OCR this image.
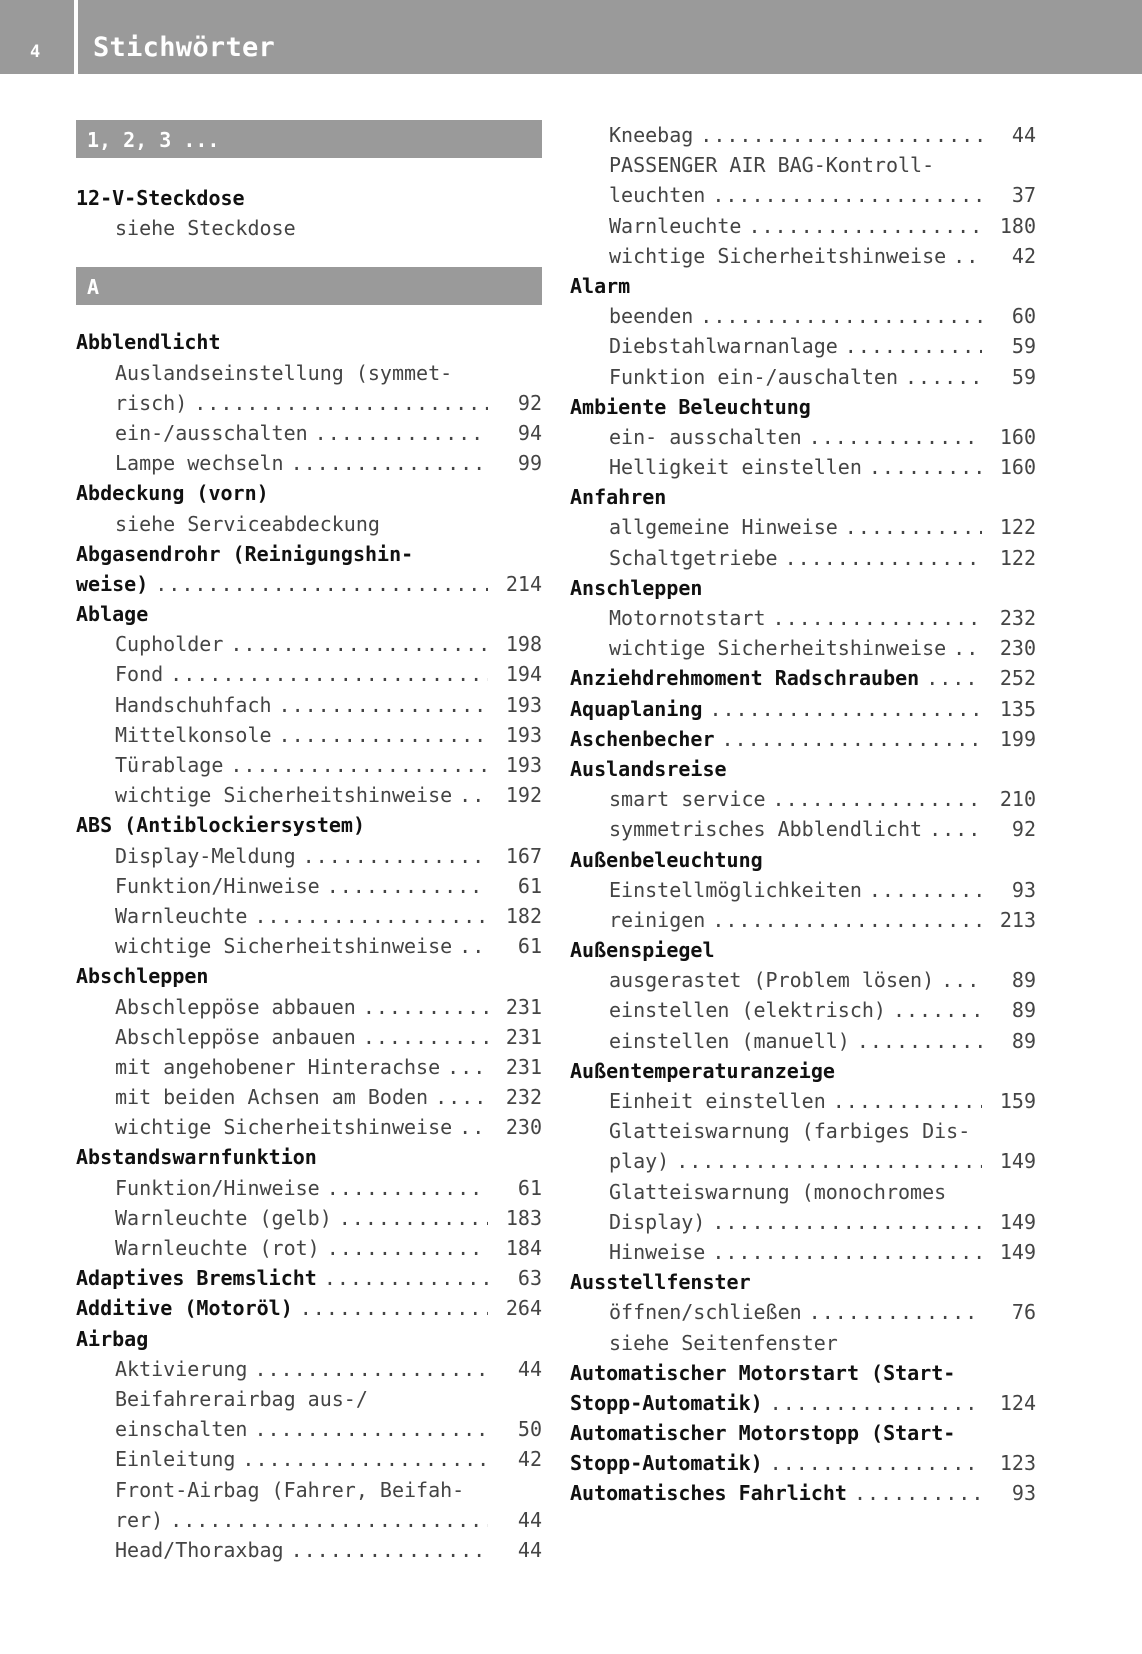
4 Stichwörter
1, 2, 3 ...
12-V-Steckdose
siehe Steckdose
A
Abblendlicht
Auslandseinstellung (symmet-
risch) .....	92
ein-/ausschalten .....	94
Lampe wechseln .....	99
Abdeckung (vorn)
siehe Serviceabdeckung
Abgasendrohr (Reinigungshin-
weise) .....	214
Ablage
Cupholder .....	198
Fond .....	194
Handschuhfach .....	193
Mittelkonsole .....	193
Türablage .....	193
wichtige Sicherheitshinweise .....	192
ABS (Antiblockiersystem)
Display-Meldung .....	167
Funktion/Hinweise .....	61
Warnleuchte .....	182
wichtige Sicherheitshinweise .....	61
Abschleppen
Abschleppöse abbauen .....	231
Abschleppöse anbauen .....	231
mit angehobener Hinterachse .....	231
mit beiden Achsen am Boden .....	232
wichtige Sicherheitshinweise .....	230
Abstandswarnfunktion
Funktion/Hinweise .....	61
Warnleuchte (gelb) .....	183
Warnleuchte (rot) .....	184
Adaptives Bremslicht .....	63
Additive (Motoröl) .....	264
Airbag
Aktivierung .....	44
Beifahrerairbag aus-/
einschalten .....	50
Einleitung .....	42
Front-Airbag (Fahrer, Beifah-
rer) .....	44
Head/Thoraxbag .....	44
Kneebag .....	44
PASSENGER AIR BAG-Kontroll-
leuchten .....	37
Warnleuchte .....	180
wichtige Sicherheitshinweise .....	42
Alarm
beenden .....	60
Diebstahlwarnanlage .....	59
Funktion ein-/auschalten .....	59
Ambiente Beleuchtung
ein- ausschalten .....	160
Helligkeit einstellen .....	160
Anfahren
allgemeine Hinweise .....	122
Schaltgetriebe .....	122
Anschleppen
Motornotstart .....	232
wichtige Sicherheitshinweise .....	230
Anziehdrehmoment Radschrauben .....	252
Aquaplaning .....	135
Aschenbecher .....	199
Auslandsreise
smart service .....	210
symmetrisches Abblendlicht .....	92
Außenbeleuchtung
Einstellmöglichkeiten .....	93
reinigen .....	213
Außenspiegel
ausgerastet (Problem lösen) .....	89
einstellen (elektrisch) .....	89
einstellen (manuell) .....	89
Außentemperaturanzeige
Einheit einstellen .....	159
Glatteiswarnung (farbiges Dis-
play) .....	149
Glatteiswarnung (monochromes
Display) .....	149
Hinweise .....	149
Ausstellfenster
öffnen/schließen .....	76
siehe Seitenfenster
Automatischer Motorstart (Start-
Stopp-Automatik) .....	124
Automatischer Motorstopp (Start-
Stopp-Automatik) .....	123
Automatisches Fahrlicht .....	93
